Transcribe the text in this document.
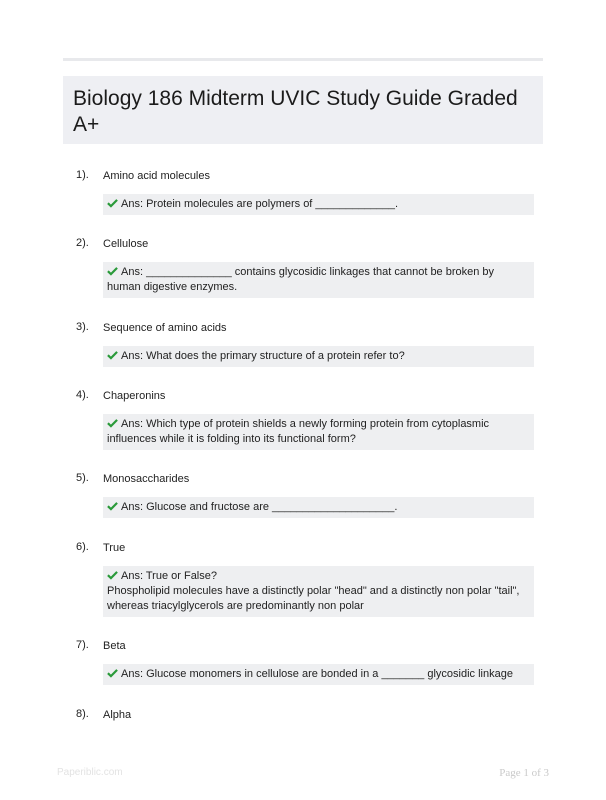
Biology 186 Midterm UVIC Study Guide Graded A+
1). Amino acid molecules
Ans: Protein molecules are polymers of _____________.
2). Cellulose
Ans: ______________ contains glycosidic linkages that cannot be broken by human digestive enzymes.
3). Sequence of amino acids
Ans: What does the primary structure of a protein refer to?
4). Chaperonins
Ans: Which type of protein shields a newly forming protein from cytoplasmic influences while it is folding into its functional form?
5). Monosaccharides
Ans: Glucose and fructose are ____________________.
6). True
Ans: True or False?
Phospholipid molecules have a distinctly polar "head" and a distinctly non polar "tail", whereas triacylglycerols are predominantly non polar
7). Beta
Ans: Glucose monomers in cellulose are bonded in a _______ glycosidic linkage
8). Alpha
Paperiblic.com	Page 1 of 3
